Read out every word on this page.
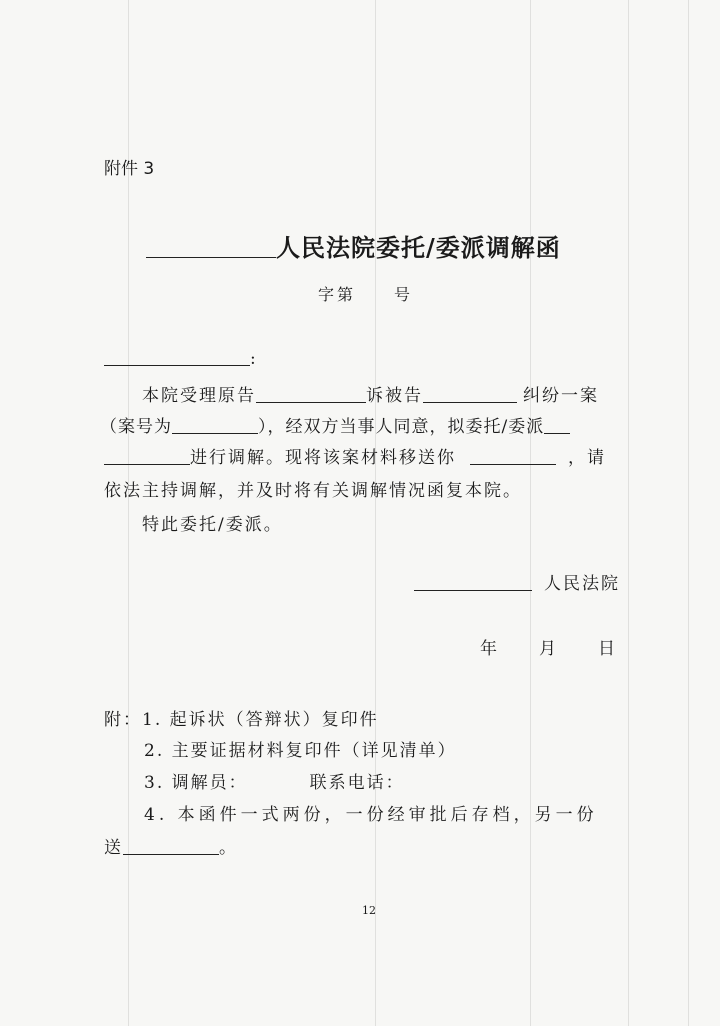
附件 3
人民法院委托/委派调解函
字第　　号
:
本院受理原告	诉被告	纠纷一案
（案号为	），经双方当事人同意，拟委托/委派
进行调解。现将该案材料移送你	，请
依法主持调解，并及时将有关调解情况函复本院。
特此委托/委派。
人民法院
年 月 日
附：1. 起诉状（答辩状）复印件
2. 主要证据材料复印件（详见清单）
3. 调解员：	联系电话：
4. 本函件一式两份，一份经审批后存档，另一份
送	。
12
